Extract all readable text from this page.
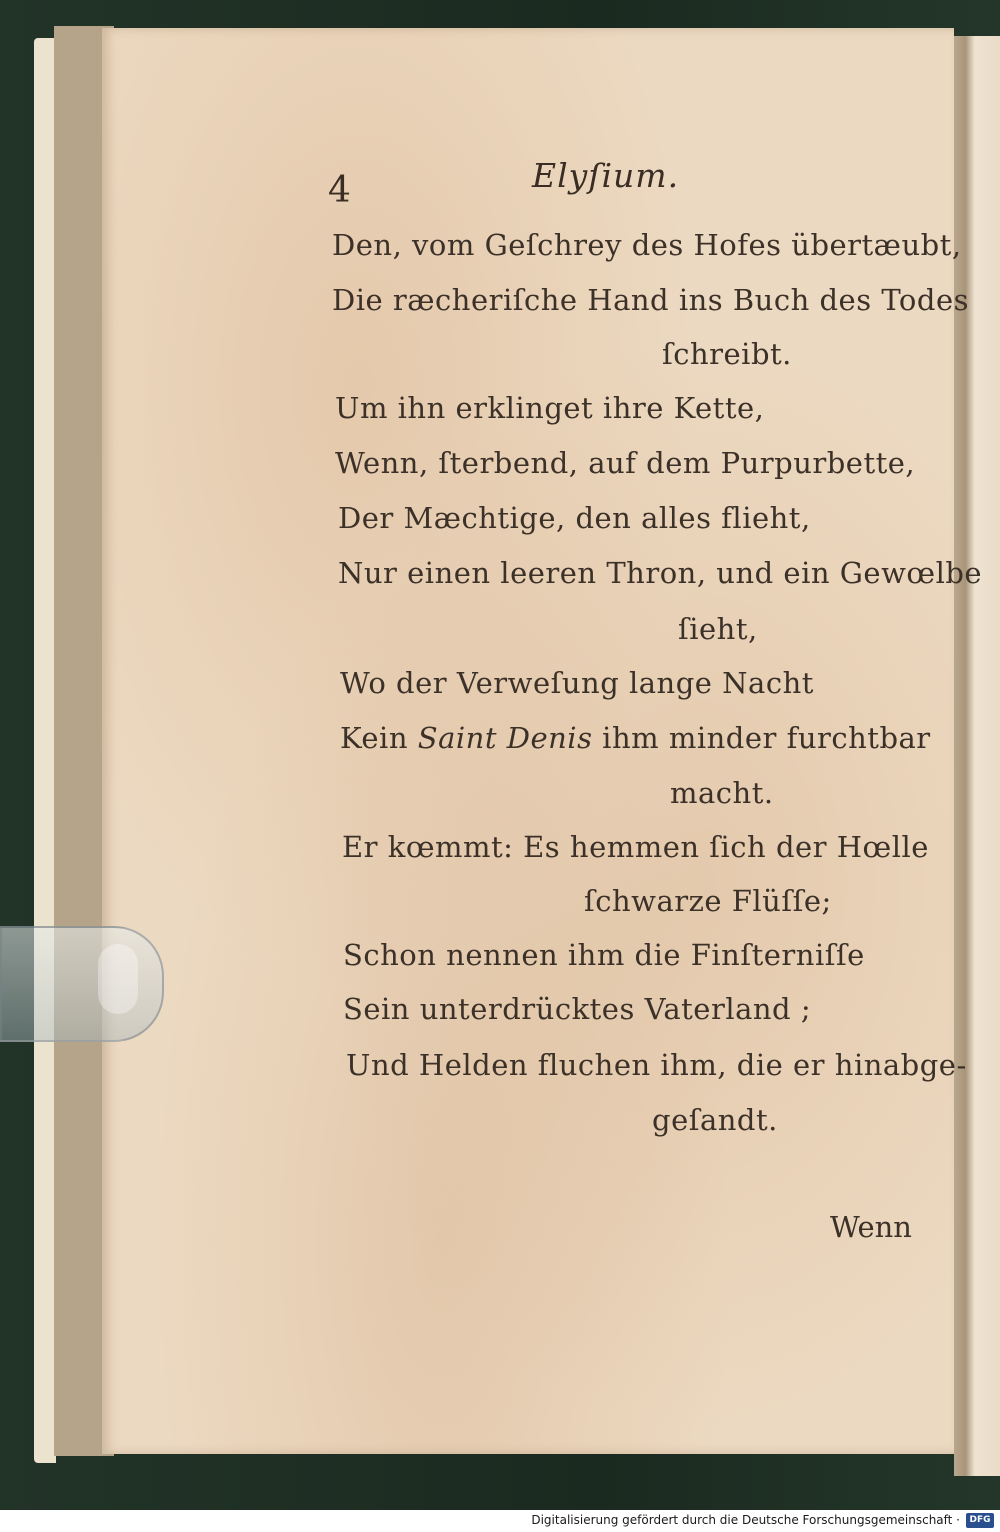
4	Elyſium.
Den, vom Geſchrey des Hofes übertæubt,
Die ræcheriſche Hand ins Buch des Todes
ſchreibt.
Um ihn erklinget ihre Kette,
Wenn, ſterbend, auf dem Purpurbette,
Der Mæchtige, den alles flieht,
Nur einen leeren Thron, und ein Gewœlbe
ſieht,
Wo der Verweſung lange Nacht
Kein Saint Denis ihm minder furchtbar
macht.
Er kœmmt: Es hemmen ſich der Hœlle
ſchwarze Flüſſe;
Schon nennen ihm die Finſterniſſe
Sein unterdrücktes Vaterland ;
Und Helden fluchen ihm, die er hinabge-
geſandt.
Wenn
Digitalisierung gefördert durch die Deutsche Forschungsgemeinschaft ·	DFG
